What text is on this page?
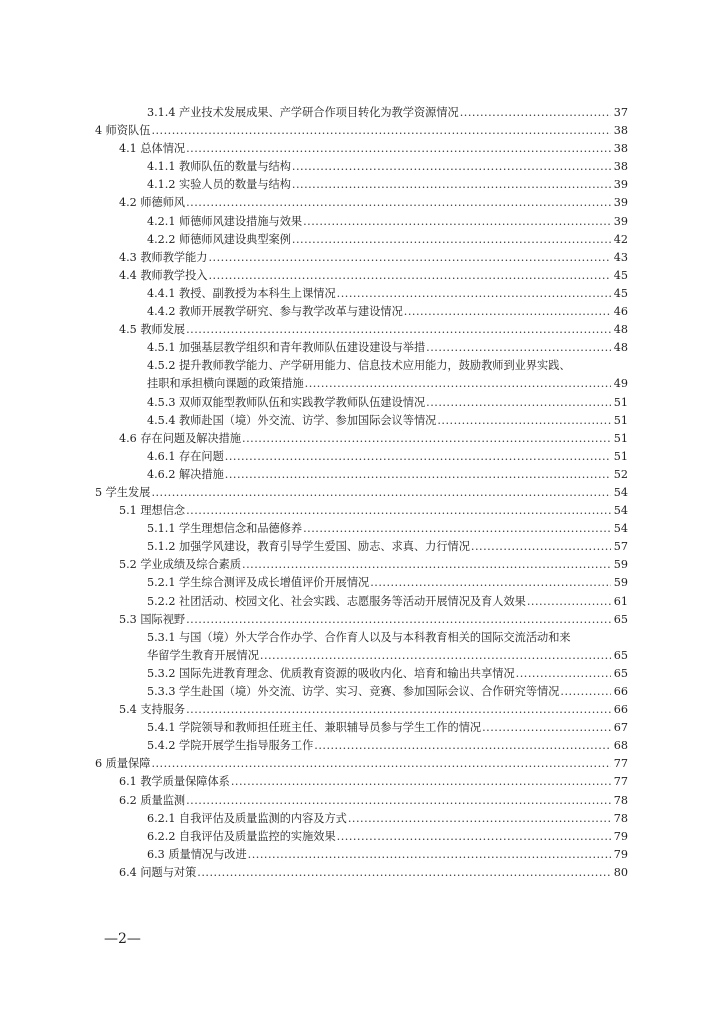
3.1.4 产业技术发展成果、产学研合作项目转化为教学资源情况 .....	37
4 师资队伍 .....	38
4.1 总体情况 .....	38
4.1.1 教师队伍的数量与结构 .....	38
4.1.2 实验人员的数量与结构 .....	39
4.2 师德师风 .....	39
4.2.1 师德师风建设措施与效果 .....	39
4.2.2 师德师风建设典型案例 .....	42
4.3 教师教学能力 .....	43
4.4 教师教学投入 .....	45
4.4.1 教授、副教授为本科生上课情况 .....	45
4.4.2 教师开展教学研究、参与教学改革与建设情况 .....	46
4.5 教师发展 .....	48
4.5.1 加强基层教学组织和青年教师队伍建设建设与举措 .....	48
4.5.2 提升教师教学能力、产学研用能力、信息技术应用能力，鼓励教师到业界实践、
挂职和承担横向课题的政策措施 .....	49
4.5.3 双师双能型教师队伍和实践教学教师队伍建设情况 .....	51
4.5.4 教师赴国（境）外交流、访学、参加国际会议等情况 .....	51
4.6 存在问题及解决措施 .....	51
4.6.1 存在问题 .....	51
4.6.2 解决措施 .....	52
5 学生发展 .....	54
5.1 理想信念 .....	54
5.1.1 学生理想信念和品德修养 .....	54
5.1.2 加强学风建设，教育引导学生爱国、励志、求真、力行情况 .....	57
5.2 学业成绩及综合素质 .....	59
5.2.1 学生综合测评及成长增值评价开展情况 .....	59
5.2.2 社团活动、校园文化、社会实践、志愿服务等活动开展情况及育人效果 .....	61
5.3 国际视野 .....	65
5.3.1 与国（境）外大学合作办学、合作育人以及与本科教育相关的国际交流活动和来
华留学生教育开展情况 .....	65
5.3.2 国际先进教育理念、优质教育资源的吸收内化、培育和输出共享情况 .....	65
5.3.3 学生赴国（境）外交流、访学、实习、竞赛、参加国际会议、合作研究等情况 .....	66
5.4 支持服务 .....	66
5.4.1 学院领导和教师担任班主任、兼职辅导员参与学生工作的情况 .....	67
5.4.2 学院开展学生指导服务工作 .....	68
6 质量保障 .....	77
6.1 教学质量保障体系 .....	77
6.2 质量监测 .....	78
6.2.1 自我评估及质量监测的内容及方式 .....	78
6.2.2 自我评估及质量监控的实施效果 .....	79
6.3 质量情况与改进 .....	79
6.4 问题与对策 .....	80
—2—
